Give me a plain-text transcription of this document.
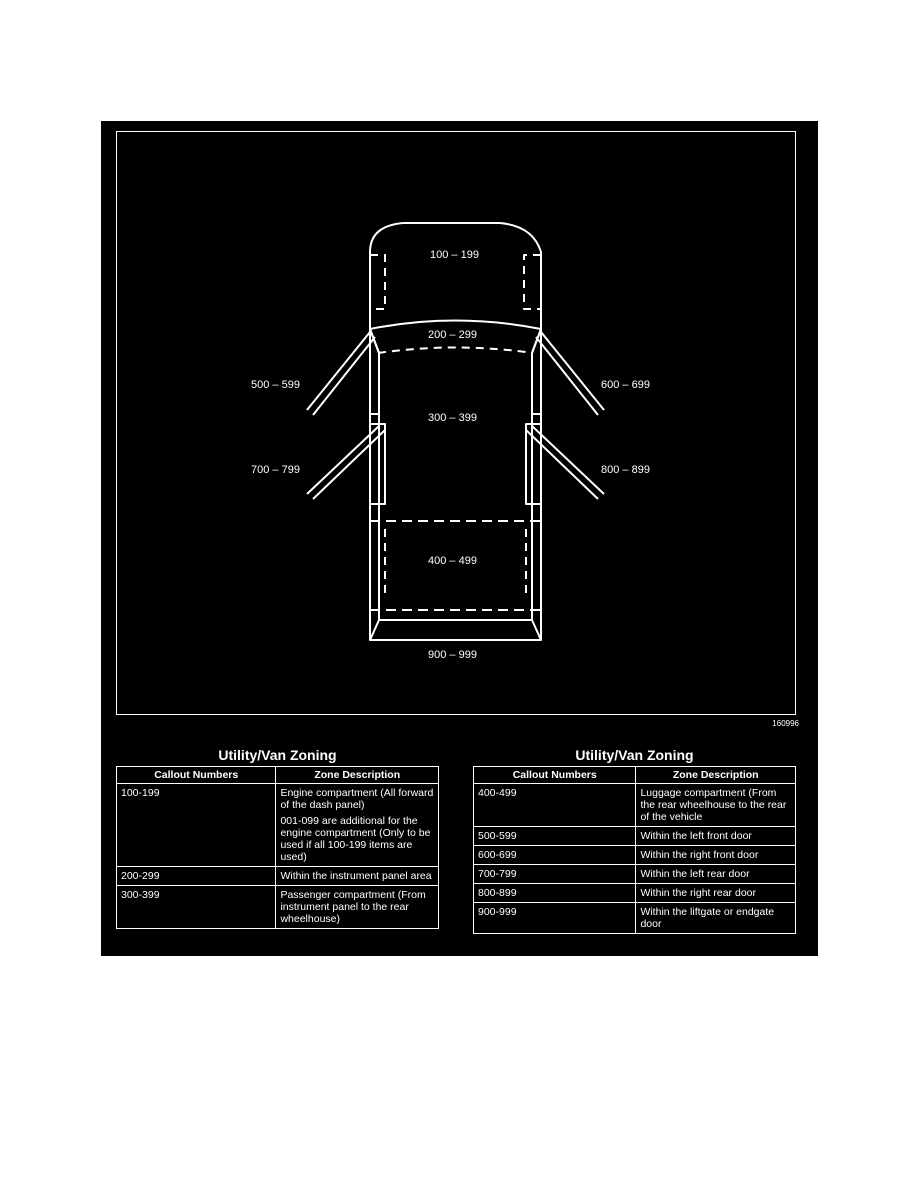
100 – 199
200 – 299
300 – 399
400 – 499
500 – 599	600 – 699
700 – 799	800 – 899
900 – 999
160996
Utility/Van Zoning
Callout Numbers	Zone Description
100-199	Engine compartment (All forward of the dash panel)
001-099 are additional for the engine compartment (Only to be used if all 100-199 items are used)

200-299	Within the instrument panel area

300-399	Passenger compartment (From instrument panel to the rear wheelhouse)
Utility/Van Zoning
Callout Numbers	Zone Description
400-499	Luggage compartment (From the rear wheelhouse to the rear of the vehicle
500-599	Within the left front door
600-699	Within the right front door
700-799	Within the left rear door
800-899	Within the right rear door
900-999	Within the liftgate or endgate door
